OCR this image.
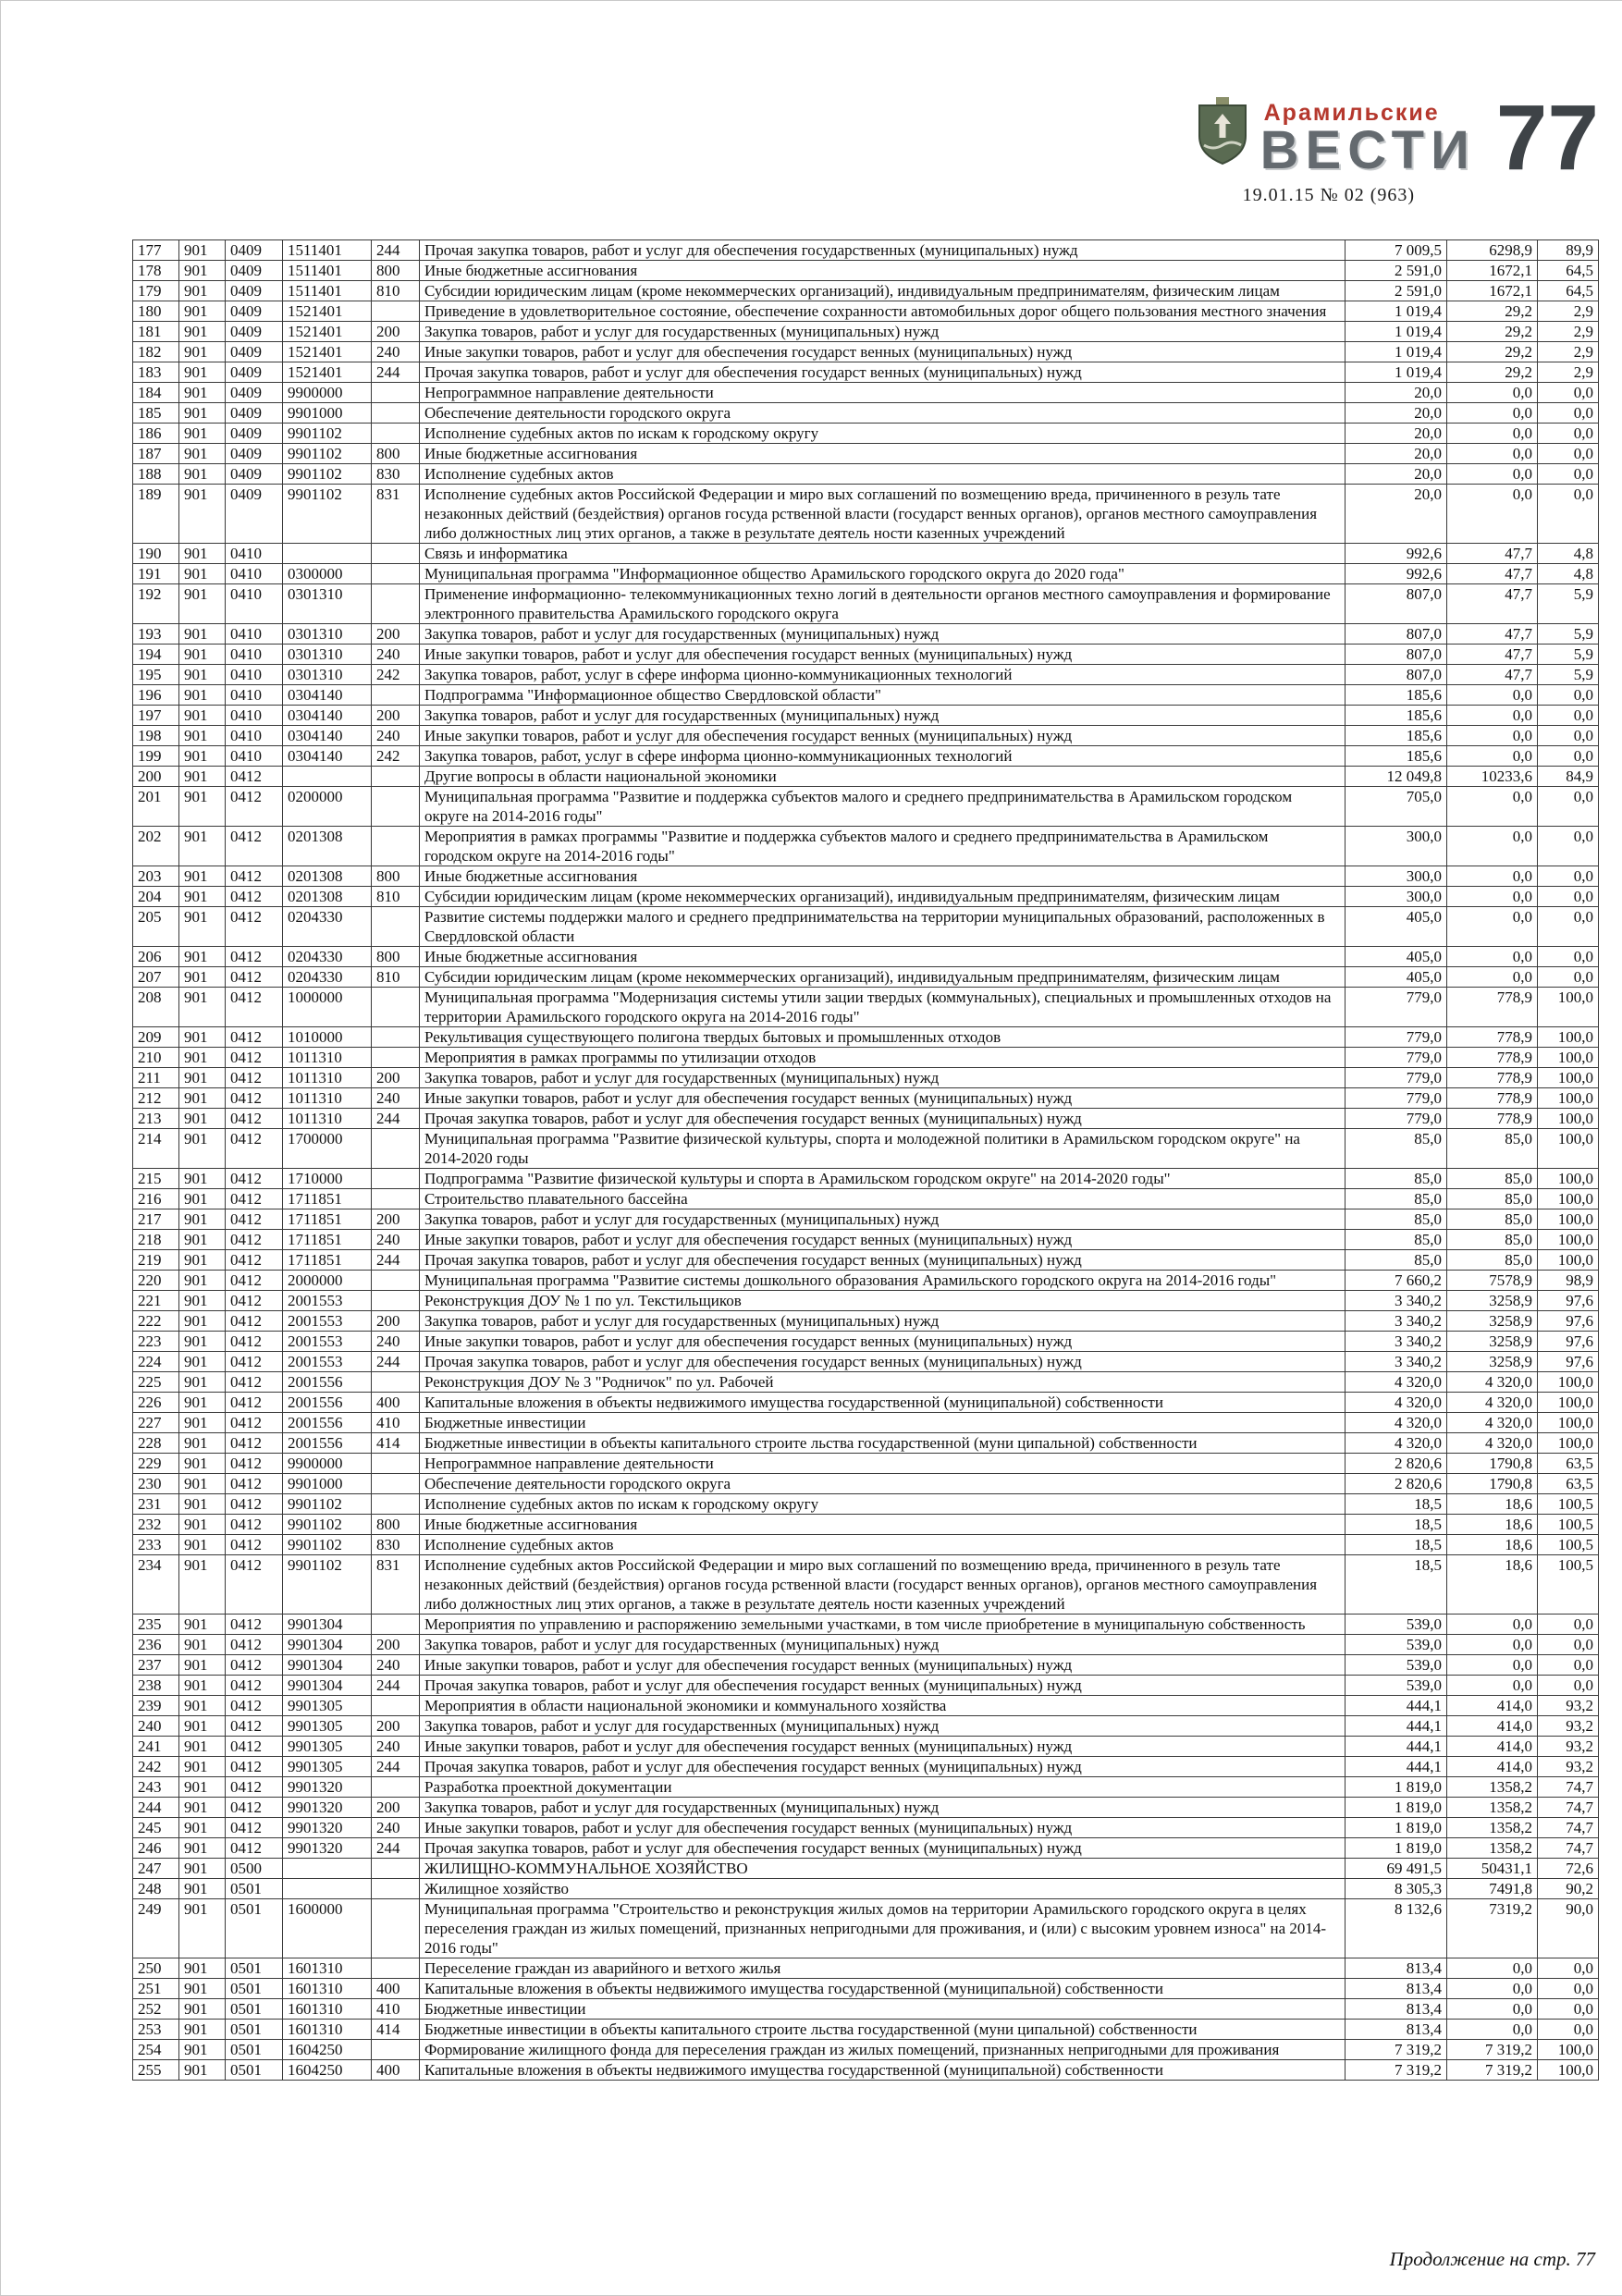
Арамильские
ВЕСТИ 77
19.01.15 № 02 (963)
177	901	0409	1511401	244	Прочая закупка товаров, работ и услуг для обеспечения государственных (муниципальных) нужд	7 009,5	6298,9	89,9
178	901	0409	1511401	800	Иные бюджетные ассигнования	2 591,0	1672,1	64,5
179	901	0409	1511401	810	Субсидии юридическим лицам (кроме некоммерческих организаций), индивидуальным предпринимателям, физическим лицам	2 591,0	1672,1	64,5
180	901	0409	1521401		Приведение в удовлетворительное состояние, обеспечение сохранности автомобильных дорог общего пользования местного значения	1 019,4	29,2	2,9
181	901	0409	1521401	200	Закупка товаров, работ и услуг для государственных (муниципальных) нужд	1 019,4	29,2	2,9
182	901	0409	1521401	240	Иные закупки товаров, работ и услуг для обеспечения государст венных (муниципальных) нужд	1 019,4	29,2	2,9
183	901	0409	1521401	244	Прочая закупка товаров, работ и услуг для обеспечения государст венных (муниципальных) нужд	1 019,4	29,2	2,9
184	901	0409	9900000		Непрограммное направление деятельности	20,0	0,0	0,0
185	901	0409	9901000		Обеспечение деятельности городского округа	20,0	0,0	0,0
186	901	0409	9901102		Исполнение судебных актов по искам к городскому округу	20,0	0,0	0,0
187	901	0409	9901102	800	Иные бюджетные ассигнования	20,0	0,0	0,0
188	901	0409	9901102	830	Исполнение судебных актов	20,0	0,0	0,0
189	901	0409	9901102	831	Исполнение судебных актов Российской Федерации и миро вых соглашений по возмещению вреда, причиненного в резуль тате незаконных действий (бездействия) органов госуда рственной власти (государст венных органов), органов местного самоуправления либо должностных лиц этих органов, а также в результате деятель ности казенных учреждений	20,0	0,0	0,0
190	901	0410			Связь и информатика	992,6	47,7	4,8
191	901	0410	0300000		Муниципальная программа "Информационное общество Арамильского городского округа до 2020 года"	992,6	47,7	4,8
192	901	0410	0301310		Применение информационно- телекоммуникационных техно логий в деятельности органов местного самоуправления и формирование электронного правительства Арамильского городского округа	807,0	47,7	5,9
193	901	0410	0301310	200	Закупка товаров, работ и услуг для государственных (муниципальных) нужд	807,0	47,7	5,9
194	901	0410	0301310	240	Иные закупки товаров, работ и услуг для обеспечения государст венных (муниципальных) нужд	807,0	47,7	5,9
195	901	0410	0301310	242	Закупка товаров, работ, услуг в сфере информа ционно-коммуникационных технологий	807,0	47,7	5,9
196	901	0410	0304140		Подпрограмма "Информационное общество Свердловской области"	185,6	0,0	0,0
197	901	0410	0304140	200	Закупка товаров, работ и услуг для государственных (муниципальных) нужд	185,6	0,0	0,0
198	901	0410	0304140	240	Иные закупки товаров, работ и услуг для обеспечения государст венных (муниципальных) нужд	185,6	0,0	0,0
199	901	0410	0304140	242	Закупка товаров, работ, услуг в сфере информа ционно-коммуникационных технологий	185,6	0,0	0,0
200	901	0412			Другие вопросы в области национальной экономики	12 049,8	10233,6	84,9
201	901	0412	0200000		Муниципальная программа "Развитие и поддержка субъектов малого и среднего предпринимательства в Арамильском городском округе на 2014-2016 годы"	705,0	0,0	0,0
202	901	0412	0201308		Мероприятия в рамках программы "Развитие и поддержка субъектов малого и среднего предпринимательства в Арамильском городском округе на 2014-2016 годы"	300,0	0,0	0,0
203	901	0412	0201308	800	Иные бюджетные ассигнования	300,0	0,0	0,0
204	901	0412	0201308	810	Субсидии юридическим лицам (кроме некоммерческих организаций), индивидуальным предпринимателям, физическим лицам	300,0	0,0	0,0
205	901	0412	0204330		Развитие системы поддержки малого и среднего предпринимательства на территории муниципальных образований, расположенных в Свердловской области	405,0	0,0	0,0
206	901	0412	0204330	800	Иные бюджетные ассигнования	405,0	0,0	0,0
207	901	0412	0204330	810	Субсидии юридическим лицам (кроме некоммерческих организаций), индивидуальным предпринимателям, физическим лицам	405,0	0,0	0,0
208	901	0412	1000000		Муниципальная программа "Модернизация системы утили зации твердых (коммунальных), специальных и промышленных отходов на территории Арамильского городского округа на 2014-2016 годы"	779,0	778,9	100,0
209	901	0412	1010000		Рекультивация существующего полигона твердых бытовых и промышленных отходов	779,0	778,9	100,0
210	901	0412	1011310		Мероприятия в рамках программы по утилизации отходов	779,0	778,9	100,0
211	901	0412	1011310	200	Закупка товаров, работ и услуг для государственных (муниципальных) нужд	779,0	778,9	100,0
212	901	0412	1011310	240	Иные закупки товаров, работ и услуг для обеспечения государст венных (муниципальных) нужд	779,0	778,9	100,0
213	901	0412	1011310	244	Прочая закупка товаров, работ и услуг для обеспечения государст венных (муниципальных) нужд	779,0	778,9	100,0
214	901	0412	1700000		Муниципальная программа "Развитие физической культуры, спорта и молодежной политики в Арамильском городском округе" на 2014-2020 годы	85,0	85,0	100,0
215	901	0412	1710000		Подпрограмма "Развитие физической культуры и спорта в Арамильском городском округе" на 2014-2020 годы"	85,0	85,0	100,0
216	901	0412	1711851		Строительство плавательного бассейна	85,0	85,0	100,0
217	901	0412	1711851	200	Закупка товаров, работ и услуг для государственных (муниципальных) нужд	85,0	85,0	100,0
218	901	0412	1711851	240	Иные закупки товаров, работ и услуг для обеспечения государст венных (муниципальных) нужд	85,0	85,0	100,0
219	901	0412	1711851	244	Прочая закупка товаров, работ и услуг для обеспечения государст венных (муниципальных) нужд	85,0	85,0	100,0
220	901	0412	2000000		Муниципальная программа "Развитие системы дошкольного образования Арамильского городского округа на 2014-2016 годы"	7 660,2	7578,9	98,9
221	901	0412	2001553		Реконструкция ДОУ № 1 по ул. Текстильщиков	3 340,2	3258,9	97,6
222	901	0412	2001553	200	Закупка товаров, работ и услуг для государственных (муниципальных) нужд	3 340,2	3258,9	97,6
223	901	0412	2001553	240	Иные закупки товаров, работ и услуг для обеспечения государст венных (муниципальных) нужд	3 340,2	3258,9	97,6
224	901	0412	2001553	244	Прочая закупка товаров, работ и услуг для обеспечения государст венных (муниципальных) нужд	3 340,2	3258,9	97,6
225	901	0412	2001556		Реконструкция ДОУ № 3 "Родничок" по ул. Рабочей	4 320,0	4 320,0	100,0
226	901	0412	2001556	400	Капитальные вложения в объекты недвижимого имущества государственной (муниципальной) собственности	4 320,0	4 320,0	100,0
227	901	0412	2001556	410	Бюджетные инвестиции	4 320,0	4 320,0	100,0
228	901	0412	2001556	414	Бюджетные инвестиции в объекты капитального строите льства государственной (муни ципальной) собственности	4 320,0	4 320,0	100,0
229	901	0412	9900000		Непрограммное направление деятельности	2 820,6	1790,8	63,5
230	901	0412	9901000		Обеспечение деятельности городского округа	2 820,6	1790,8	63,5
231	901	0412	9901102		Исполнение судебных актов по искам к городскому округу	18,5	18,6	100,5
232	901	0412	9901102	800	Иные бюджетные ассигнования	18,5	18,6	100,5
233	901	0412	9901102	830	Исполнение судебных актов	18,5	18,6	100,5
234	901	0412	9901102	831	Исполнение судебных актов Российской Федерации и миро вых соглашений по возмещению вреда, причиненного в резуль тате незаконных действий (бездействия) органов госуда рственной власти (государст венных органов), органов местного самоуправления либо должностных лиц этих органов, а также в результате деятель ности казенных учреждений	18,5	18,6	100,5
235	901	0412	9901304		Мероприятия по управлению и распоряжению земельными участками, в том числе приобретение в муниципальную собственность	539,0	0,0	0,0
236	901	0412	9901304	200	Закупка товаров, работ и услуг для государственных (муниципальных) нужд	539,0	0,0	0,0
237	901	0412	9901304	240	Иные закупки товаров, работ и услуг для обеспечения государст венных (муниципальных) нужд	539,0	0,0	0,0
238	901	0412	9901304	244	Прочая закупка товаров, работ и услуг для обеспечения государст венных (муниципальных) нужд	539,0	0,0	0,0
239	901	0412	9901305		Мероприятия в области национальной экономики и коммунального хозяйства	444,1	414,0	93,2
240	901	0412	9901305	200	Закупка товаров, работ и услуг для государственных (муниципальных) нужд	444,1	414,0	93,2
241	901	0412	9901305	240	Иные закупки товаров, работ и услуг для обеспечения государст венных (муниципальных) нужд	444,1	414,0	93,2
242	901	0412	9901305	244	Прочая закупка товаров, работ и услуг для обеспечения государст венных (муниципальных) нужд	444,1	414,0	93,2
243	901	0412	9901320		Разработка проектной документации	1 819,0	1358,2	74,7
244	901	0412	9901320	200	Закупка товаров, работ и услуг для государственных (муниципальных) нужд	1 819,0	1358,2	74,7
245	901	0412	9901320	240	Иные закупки товаров, работ и услуг для обеспечения государст венных (муниципальных) нужд	1 819,0	1358,2	74,7
246	901	0412	9901320	244	Прочая закупка товаров, работ и услуг для обеспечения государст венных (муниципальных) нужд	1 819,0	1358,2	74,7
247	901	0500			ЖИЛИЩНО-КОММУНАЛЬНОЕ ХОЗЯЙСТВО	69 491,5	50431,1	72,6
248	901	0501			Жилищное хозяйство	8 305,3	7491,8	90,2
249	901	0501	1600000		Муниципальная программа "Строительство и реконструкция жилых домов на территории Арамильского городского округа в целях переселения граждан из жилых помещений, признанных непригодными для проживания, и (или) с высоким уровнем износа" на 2014-2016 годы"	8 132,6	7319,2	90,0
250	901	0501	1601310		Переселение граждан из аварийного и ветхого жилья	813,4	0,0	0,0
251	901	0501	1601310	400	Капитальные вложения в объекты недвижимого имущества государственной (муниципальной) собственности	813,4	0,0	0,0
252	901	0501	1601310	410	Бюджетные инвестиции	813,4	0,0	0,0
253	901	0501	1601310	414	Бюджетные инвестиции в объекты капитального строите льства государственной (муни ципальной) собственности	813,4	0,0	0,0
254	901	0501	1604250		Формирование жилищного фонда для переселения граждан из жилых помещений, признанных непригодными для проживания	7 319,2	7 319,2	100,0
255	901	0501	1604250	400	Капитальные вложения в объекты недвижимого имущества государственной (муниципальной) собственности	7 319,2	7 319,2	100,0
Продолжение на стр. 77
